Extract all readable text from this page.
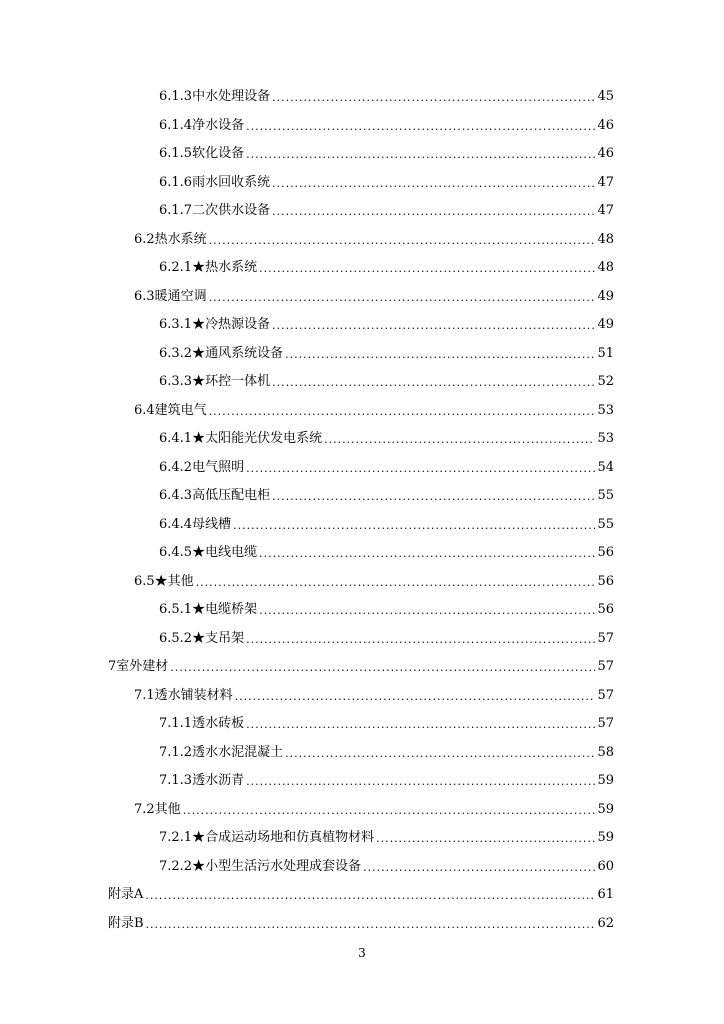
6.1.3中水处理设备 .....	45
6.1.4净水设备 .....	46
6.1.5软化设备 .....	46
6.1.6雨水回收系统 .....	47
6.1.7二次供水设备 .....	47
6.2热水系统 .....	48
6.2.1★热水系统 .....	48
6.3暖通空调 .....	49
6.3.1★冷热源设备 .....	49
6.3.2★通风系统设备 .....	51
6.3.3★环控一体机 .....	52
6.4建筑电气 .....	53
6.4.1★太阳能光伏发电系统 .....	53
6.4.2电气照明 .....	54
6.4.3高低压配电柜 .....	55
6.4.4母线槽 .....	55
6.4.5★电线电缆 .....	56
6.5★其他 .....	56
6.5.1★电缆桥架 .....	56
6.5.2★支吊架 .....	57
7室外建材 .....	57
7.1透水铺装材料 .....	57
7.1.1透水砖板 .....	57
7.1.2透水水泥混凝土 .....	58
7.1.3透水沥青 .....	59
7.2其他 .....	59
7.2.1★合成运动场地和仿真植物材料 .....	59
7.2.2★小型生活污水处理成套设备 .....	60
附录A .....	61
附录B .....	62
3
